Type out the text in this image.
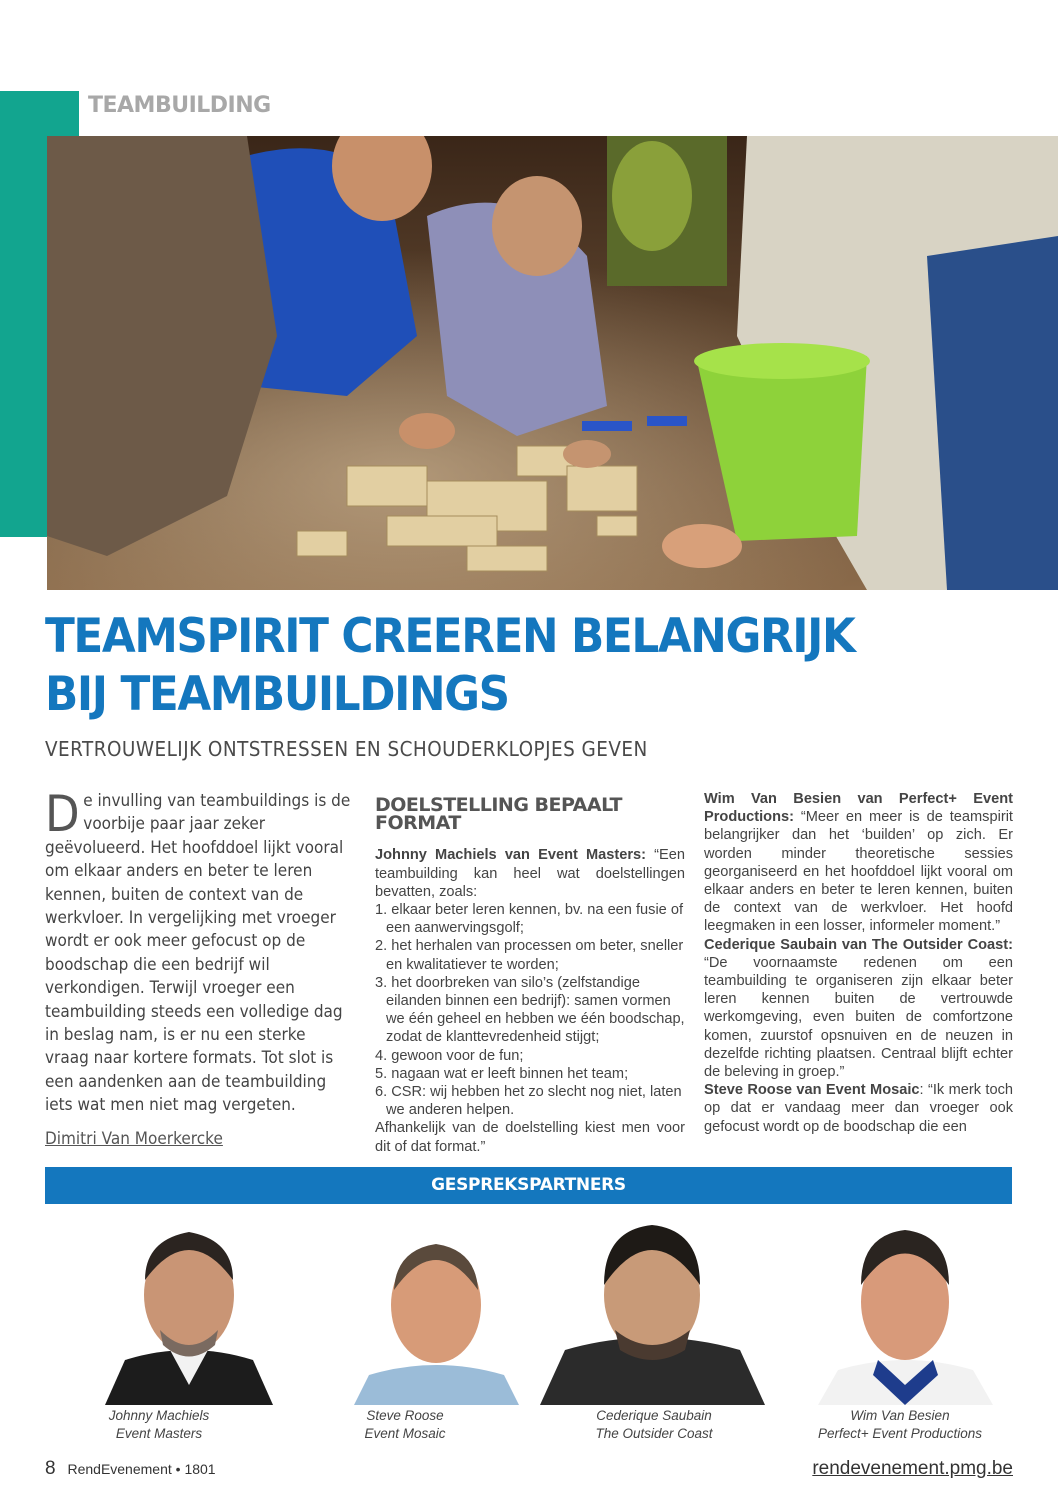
TEAMBUILDING
TEAMSPIRIT CREEREN BELANGRIJK
BIJ TEAMBUILDINGS
VERTROUWELIJK ONTSTRESSEN EN SCHOUDERKLOPJES GEVEN

De invulling van teambuildings is de voorbije paar jaar zeker geëvolueerd. Het hoofddoel lijkt vooral om elkaar anders en beter te leren kennen, buiten de context van de werkvloer. In vergelijking met vroeger wordt er ook meer gefocust op de boodschap die een bedrijf wil verkondigen. Terwijl vroeger een teambuilding steeds een volledige dag in beslag nam, is er nu een sterke vraag naar kortere formats. Tot slot is een aandenken aan de teambuilding iets wat men niet mag vergeten.
Dimitri Van Moerkercke

DOELSTELLING BEPAALT FORMAT

Johnny Machiels van Event Masters: “Een teambuilding kan heel wat doelstellingen bevatten, zoals:

1. elkaar beter leren kennen, bv. na een fusie of een aanwervingsgolf;
2. het herhalen van processen om beter, sneller en kwalitatiever te worden;
3. het doorbreken van silo’s (zelfstandige eilanden binnen een bedrijf): samen vormen we één geheel en hebben we één boodschap, zodat de klanttevredenheid stijgt;
4. gewoon voor de fun;
5. nagaan wat er leeft binnen het team;
6. CSR: wij hebben het zo slecht nog niet, laten we anderen helpen.

Afhankelijk van de doelstelling kiest men voor dit of dat format.”

Wim Van Besien van Perfect+ Event Productions: “Meer en meer is de teamspirit belangrijker dan het ‘builden’ op zich. Er worden minder theoretische sessies georganiseerd en het hoofddoel lijkt vooral om elkaar anders en beter te leren kennen, buiten de context van de werkvloer. Het hoofd leegmaken in een losser, informeler moment.”

Cederique Saubain van The Outsider Coast: “De voornaamste redenen om een teambuilding te organiseren zijn elkaar beter leren kennen buiten de vertrouwde werkomgeving, even buiten de comfortzone komen, zuurstof opsnuiven en de neuzen in dezelfde richting plaatsen. Centraal blijft echter de beleving in groep.”

Steve Roose van Event Mosaic: “Ik merk toch op dat er vandaag meer dan vroeger ook gefocust wordt op de boodschap die een

GESPREKSPARTNERS
Johnny Machiels
Event Masters
Steve Roose
Event Mosaic
Cederique Saubain
The Outsider Coast
Wim Van Besien
Perfect+ Event Productions
8 RendEvenement • 1801	rendevenement.pmg.be
